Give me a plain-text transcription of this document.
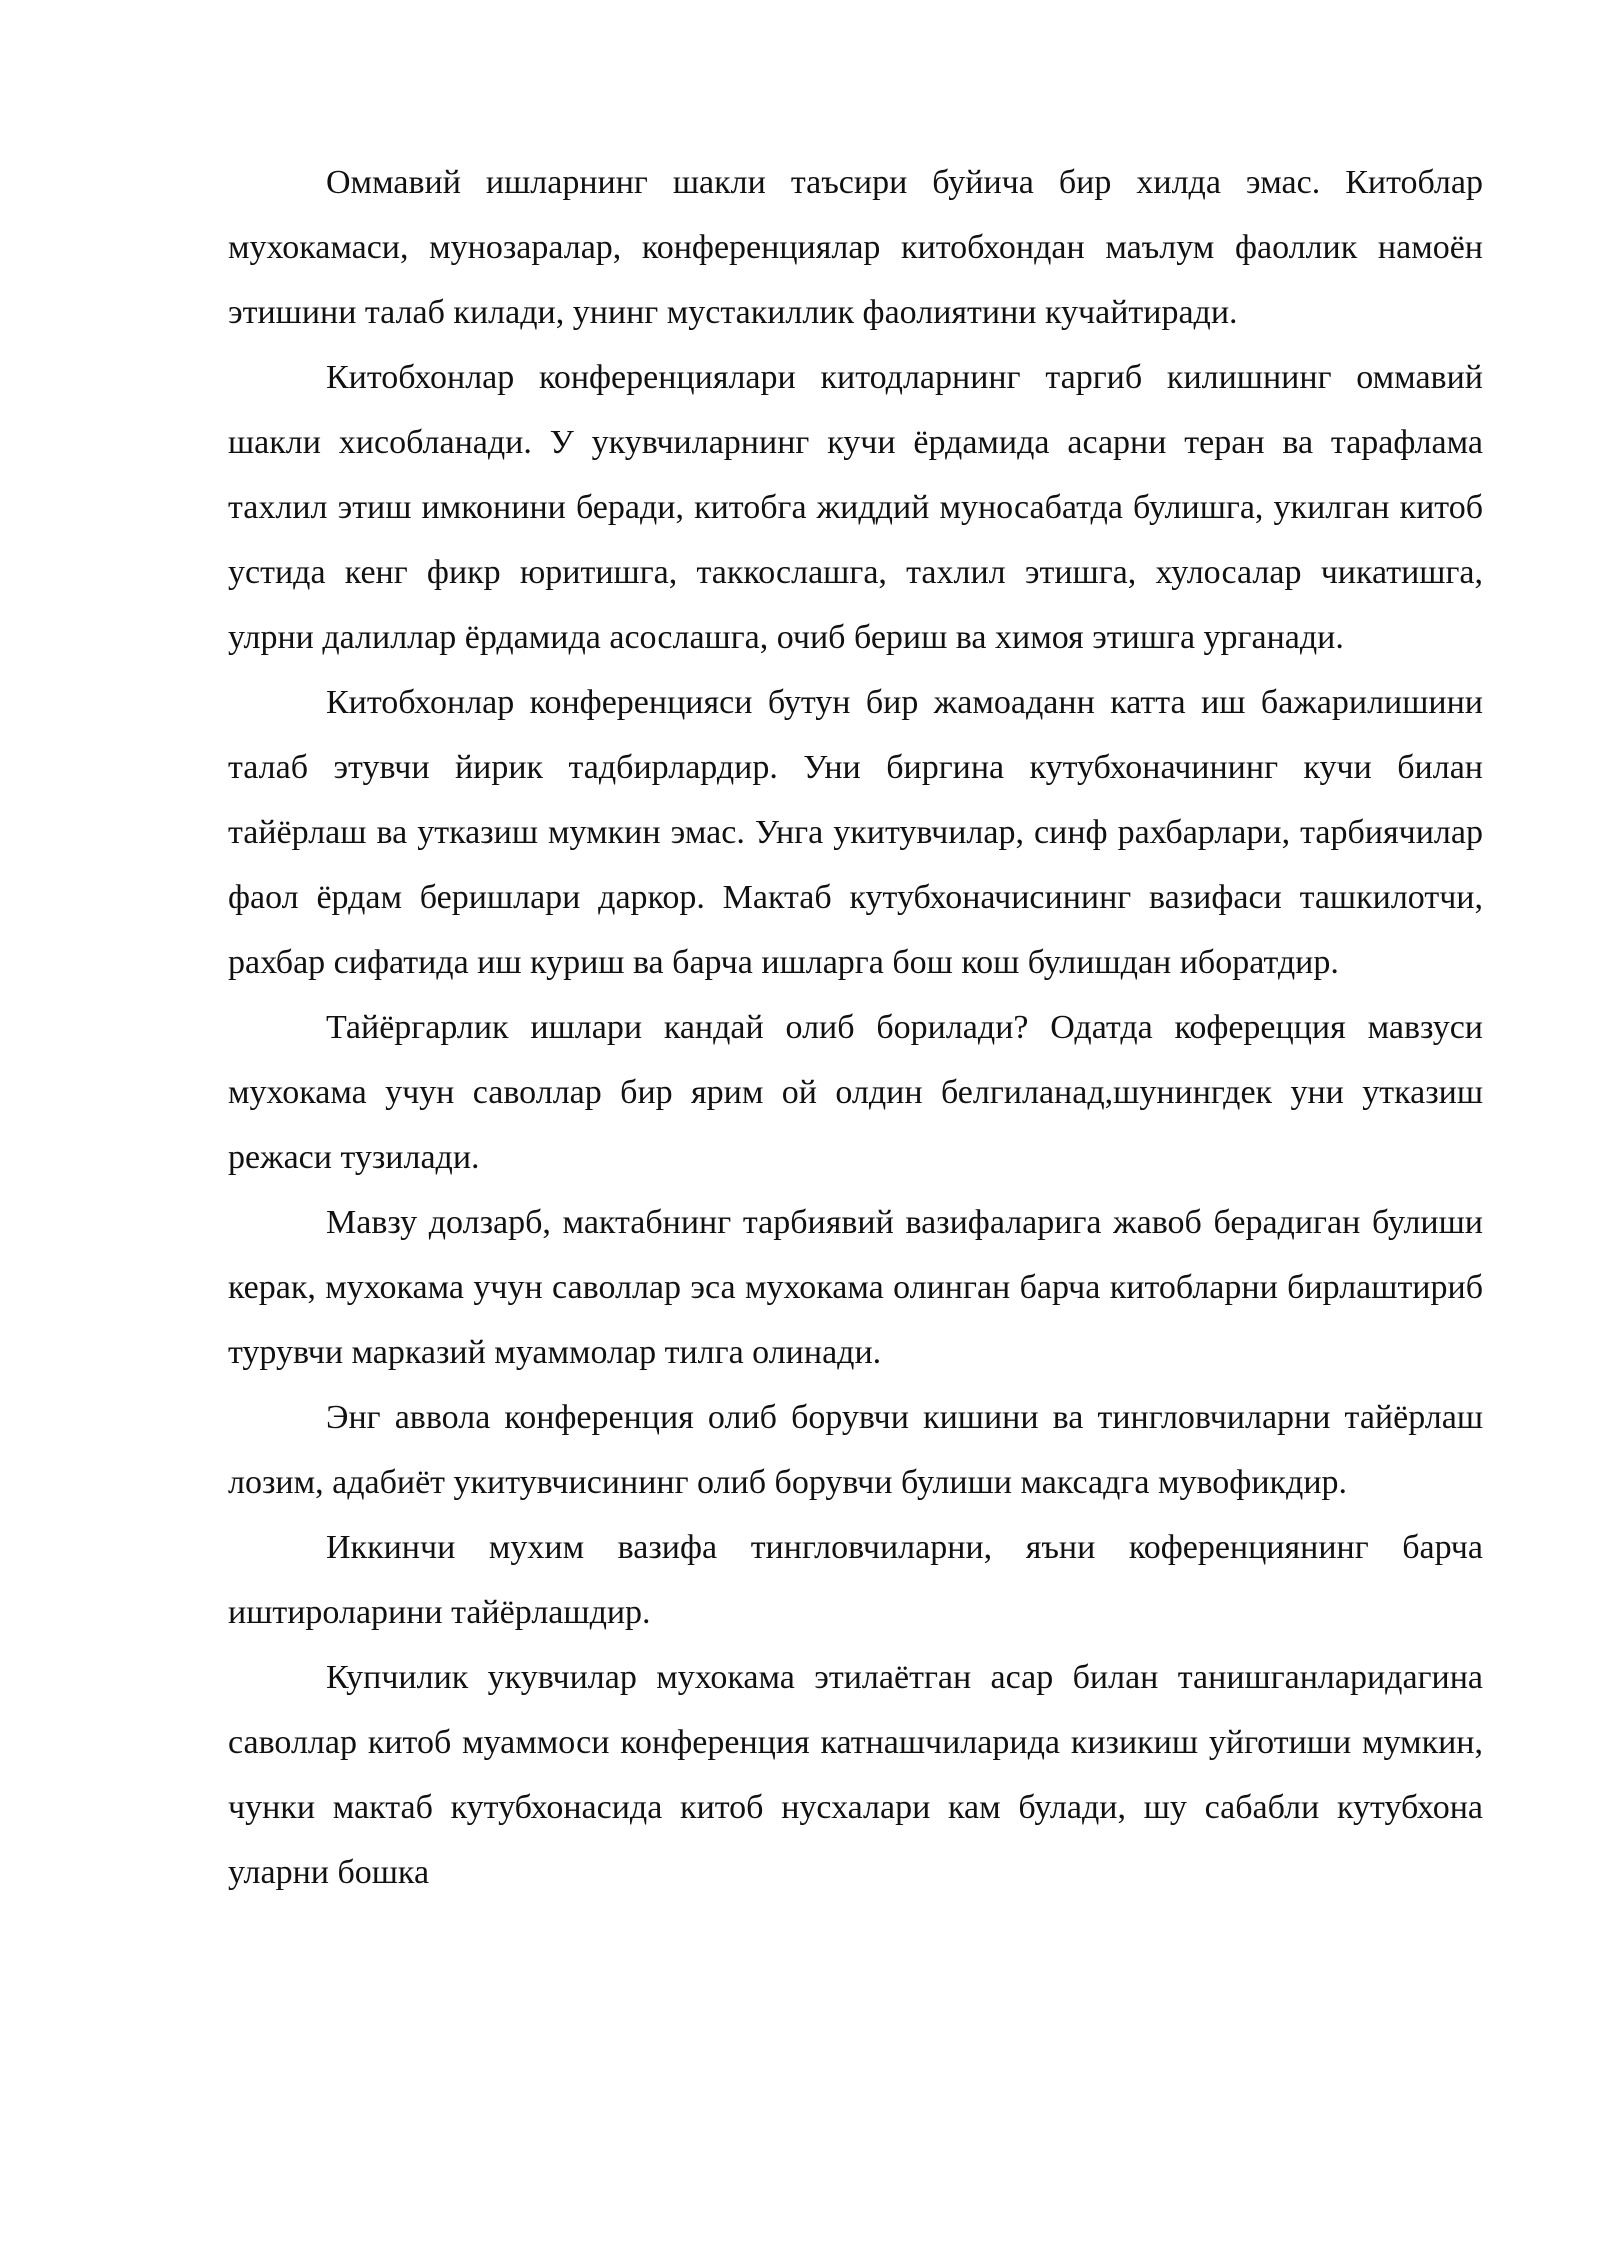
Оммавий ишларнинг шакли таъсири буйича бир хилда эмас. Китоблар мухокамаси, мунозаралар, конференциялар китобхондан маълум фаоллик намоён этишини талаб килади, унинг мустакиллик фаолиятини кучайтиради.

Китобхонлар конференциялари китодларнинг таргиб килишнинг оммавий шакли хисобланади. У укувчиларнинг кучи ёрдамида асарни теран ва тарафлама тахлил этиш имконини беради, китобга жиддий муносабатда булишга, укилган китоб устида кенг фикр юритишга, таккослашга, тахлил этишга, хулосалар чикатишга, улрни далиллар ёрдамида асослашга, очиб бериш ва химоя этишга урганади.

Китобхонлар конференцияси бутун бир жамоаданн катта иш бажарилишини талаб этувчи йирик тадбирлардир. Уни биргина кутубхоначининг кучи билан тайёрлаш ва утказиш мумкин эмас. Унга укитувчилар, синф рахбарлари, тарбиячилар фаол ёрдам беришлари даркор. Мактаб кутубхоначисининг вазифаси ташкилотчи, рахбар сифатида иш куриш ва барча ишларга бош кош булишдан иборатдир.

Тайёргарлик ишлари кандай олиб борилади? Одатда коферецция мавзуси мухокама учун саволлар бир ярим ой олдин белгиланад,шунингдек уни утказиш режаси тузилади.

Мавзу долзарб, мактабнинг тарбиявий вазифаларига жавоб берадиган булиши керак, мухокама учун саволлар эса мухокама олинган барча китобларни бирлаштириб турувчи марказий муаммолар тилга олинади.

Энг аввола конференция олиб борувчи кишини ва тингловчиларни тайёрлаш лозим, адабиёт укитувчисининг олиб борувчи булиши максадга мувофикдир.

Иккинчи мухим вазифа тингловчиларни, яъни коференциянинг барча иштироларини тайёрлашдир.

Купчилик укувчилар мухокама этилаётган асар билан танишганларидагина саволлар китоб муаммоси конференция катнашчиларида кизикиш уйготиши мумкин, чунки мактаб кутубхонасида китоб нусхалари кам булади, шу сабабли кутубхона уларни бошка
